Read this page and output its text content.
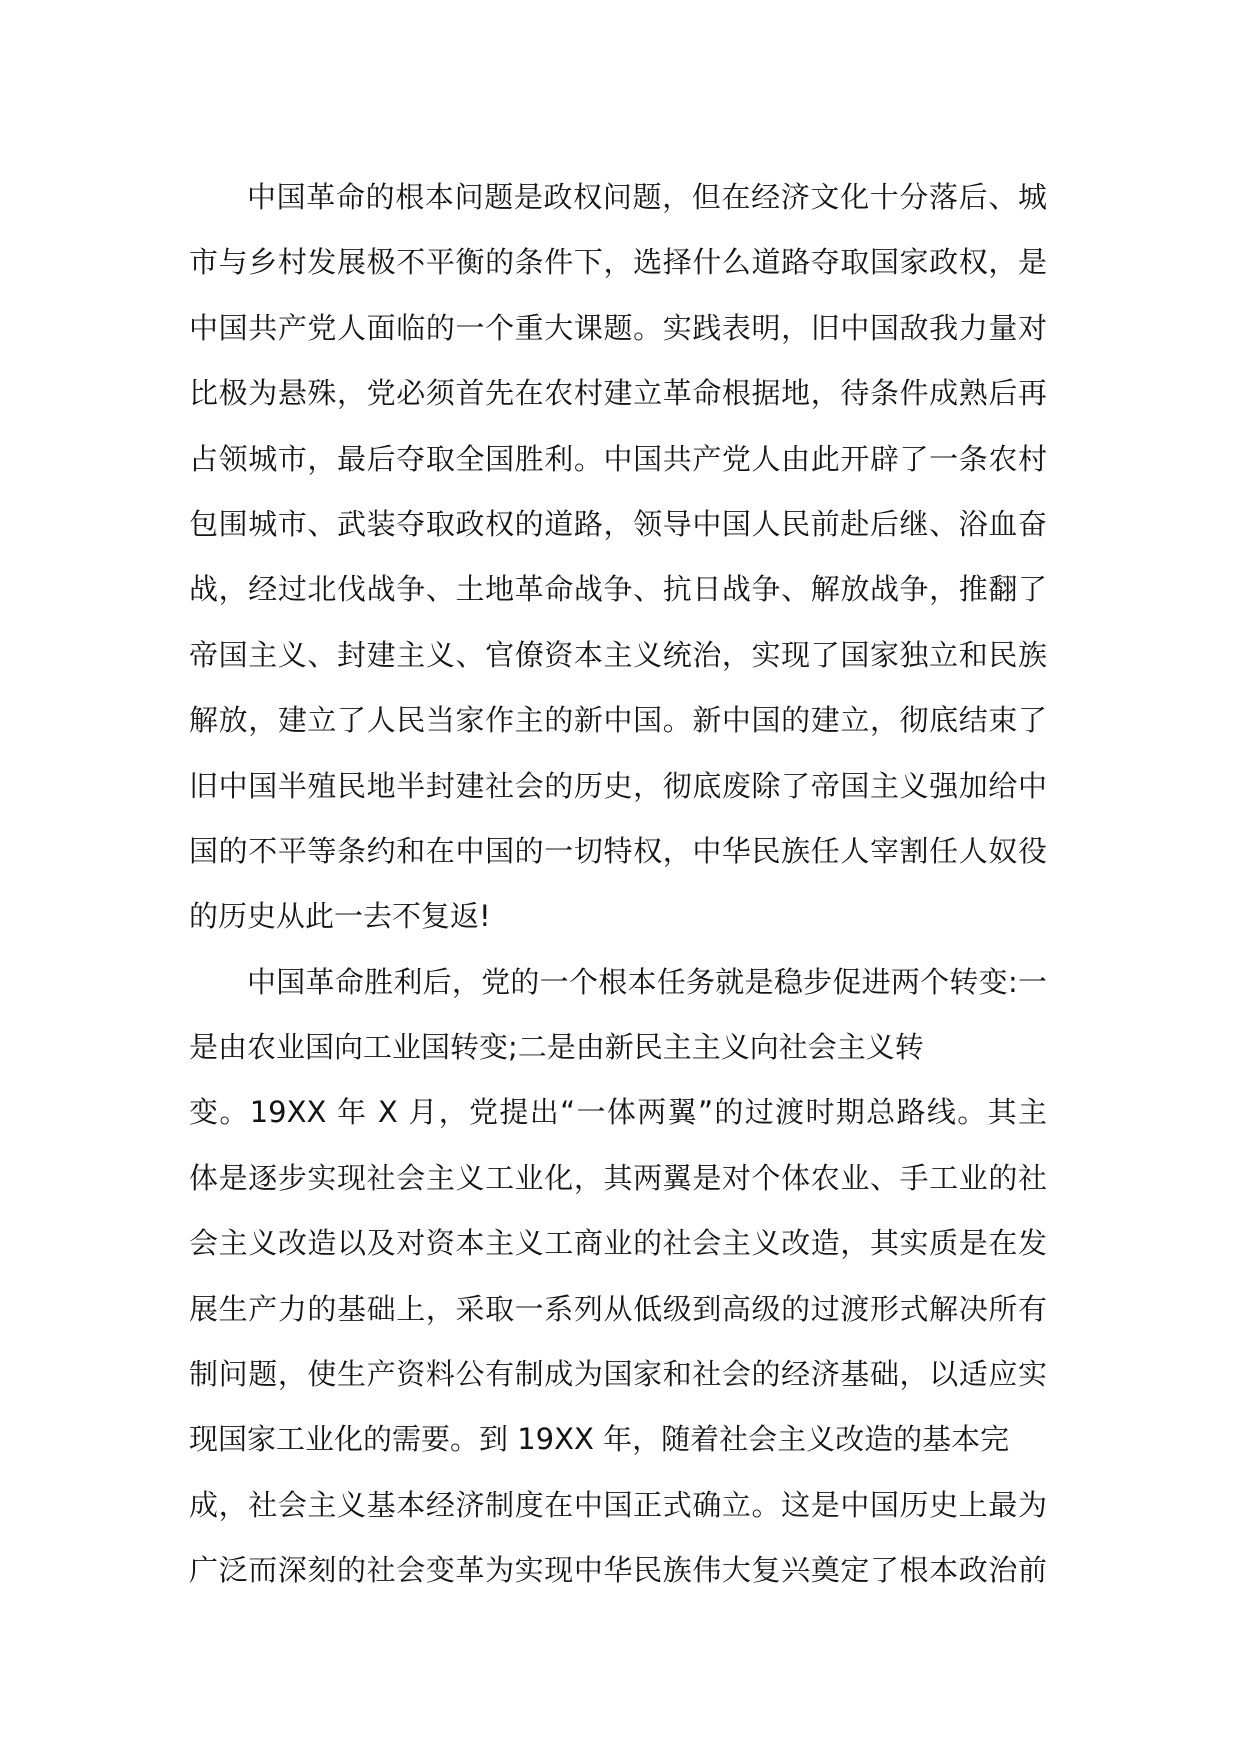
中国革命的根本问题是政权问题，但在经济文化十分落后、城
市与乡村发展极不平衡的条件下，选择什么道路夺取国家政权，是
中国共产党人面临的一个重大课题。实践表明，旧中国敌我力量对
比极为悬殊，党必须首先在农村建立革命根据地，待条件成熟后再
占领城市，最后夺取全国胜利。中国共产党人由此开辟了一条农村
包围城市、武装夺取政权的道路，领导中国人民前赴后继、浴血奋
战，经过北伐战争、土地革命战争、抗日战争、解放战争，推翻了
帝国主义、封建主义、官僚资本主义统治，实现了国家独立和民族
解放，建立了人民当家作主的新中国。新中国的建立，彻底结束了
旧中国半殖民地半封建社会的历史，彻底废除了帝国主义强加给中
国的不平等条约和在中国的一切特权，中华民族任人宰割任人奴役
的历史从此一去不复返!
中国革命胜利后，党的一个根本任务就是稳步促进两个转变:一
是由农业国向工业国转变;二是由新民主主义向社会主义转
变。19XX 年 X 月，党提出“一体两翼”的过渡时期总路线。其主
体是逐步实现社会主义工业化，其两翼是对个体农业、手工业的社
会主义改造以及对资本主义工商业的社会主义改造，其实质是在发
展生产力的基础上，采取一系列从低级到高级的过渡形式解决所有
制问题，使生产资料公有制成为国家和社会的经济基础，以适应实
现国家工业化的需要。到 19XX 年，随着社会主义改造的基本完
成，社会主义基本经济制度在中国正式确立。这是中国历史上最为
广泛而深刻的社会变革为实现中华民族伟大复兴奠定了根本政治前
